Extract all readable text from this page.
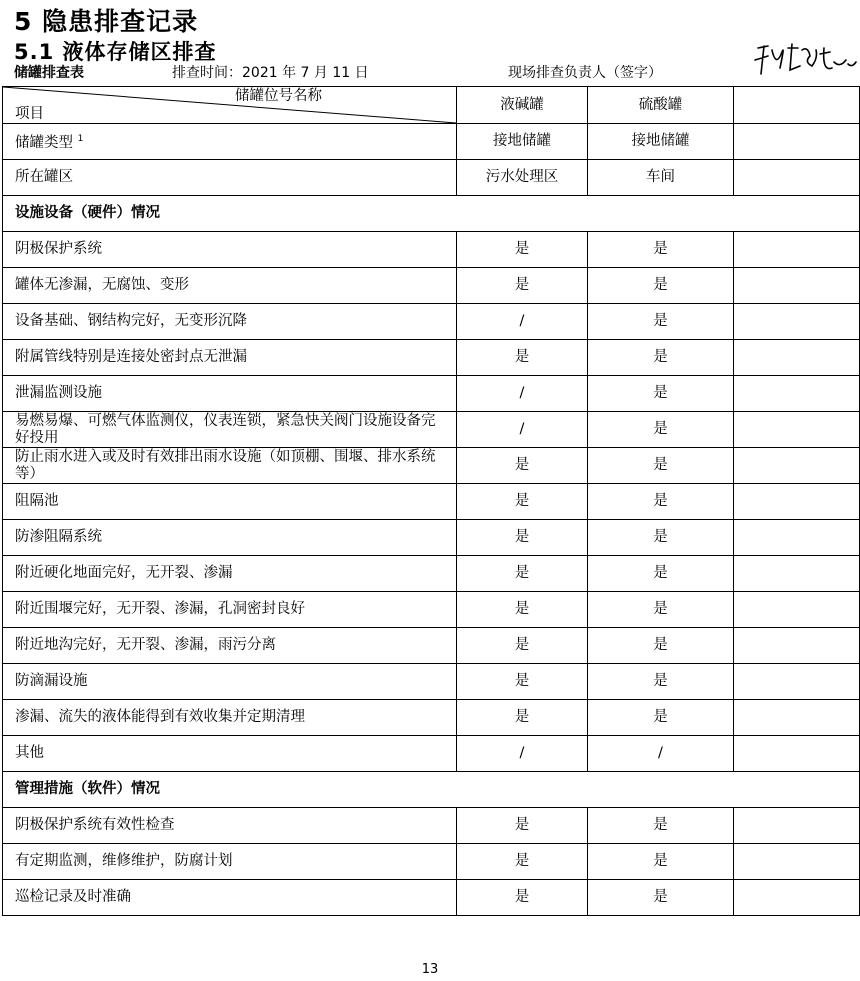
5 隐患排查记录
5.1 液体存储区排查
储罐排查表	排查时间：2021 年 7 月 11 日	现场排查负责人（签字）
储罐位号名称
项目	液碱罐	硫酸罐	
储罐类型 $^1$	接地储罐	接地储罐	
所在罐区	污水处理区	车间	
设施设备（硬件）情况			
阴极保护系统	是	是	
罐体无渗漏，无腐蚀、变形	是	是	
设备基础、钢结构完好，无变形沉降	/	是	
附属管线特别是连接处密封点无泄漏	是	是	
泄漏监测设施	/	是	
易燃易爆、可燃气体监测仪，仪表连锁，紧急快关阀门设施设备完好投用	/	是	
防止雨水进入或及时有效排出雨水设施（如顶棚、围堰、排水系统等）	是	是	
阻隔池	是	是	
防渗阻隔系统	是	是	
附近硬化地面完好，无开裂、渗漏	是	是	
附近围堰完好，无开裂、渗漏，孔洞密封良好	是	是	
附近地沟完好，无开裂、渗漏，雨污分离	是	是	
防滴漏设施	是	是	
渗漏、流失的液体能得到有效收集并定期清理	是	是	
其他	/	/	
管理措施（软件）情况			
阴极保护系统有效性检查	是	是	
有定期监测，维修维护，防腐计划	是	是	
巡检记录及时准确	是	是	
13
